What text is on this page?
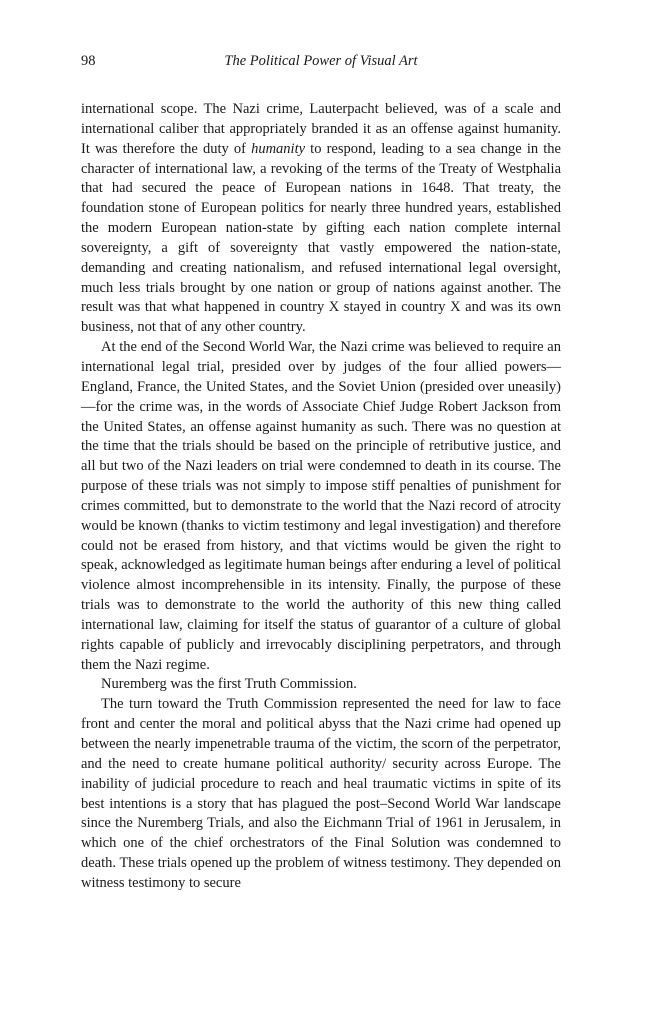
98	The Political Power of Visual Art

international scope. The Nazi crime, Lauterpacht believed, was of a scale and international caliber that appropriately branded it as an offense against humanity. It was therefore the duty of humanity to respond, leading to a sea change in the character of international law, a revoking of the terms of the Treaty of Westphalia that had secured the peace of European nations in 1648. That treaty, the foundation stone of European politics for nearly three hundred years, established the modern European nation-state by gifting each nation complete internal sovereignty, a gift of sovereignty that vastly empowered the nation-state, demanding and creating nationalism, and refused international legal oversight, much less trials brought by one nation or group of nations against another. The result was that what happened in country X stayed in country X and was its own business, not that of any other country.

At the end of the Second World War, the Nazi crime was believed to require an international legal trial, presided over by judges of the four allied powers—England, France, the United States, and the Soviet Union (presided over uneasily)—for the crime was, in the words of Associate Chief Judge Robert Jackson from the United States, an offense against humanity as such. There was no question at the time that the trials should be based on the principle of retributive justice, and all but two of the Nazi leaders on trial were condemned to death in its course. The purpose of these trials was not simply to impose stiff penalties of punishment for crimes committed, but to demonstrate to the world that the Nazi record of atrocity would be known (thanks to victim testimony and legal investigation) and therefore could not be erased from history, and that victims would be given the right to speak, acknowledged as legitimate human beings after enduring a level of political violence almost incomprehensible in its intensity. Finally, the purpose of these trials was to demonstrate to the world the authority of this new thing called international law, claiming for itself the status of guarantor of a culture of global rights capable of publicly and irrevocably disciplining perpetrators, and through them the Nazi regime.

Nuremberg was the first Truth Commission.

The turn toward the Truth Commission represented the need for law to face front and center the moral and political abyss that the Nazi crime had opened up between the nearly impenetrable trauma of the victim, the scorn of the perpetrator, and the need to create humane political authority/ security across Europe. The inability of judicial procedure to reach and heal traumatic victims in spite of its best intentions is a story that has plagued the post–Second World War landscape since the Nuremberg Trials, and also the Eichmann Trial of 1961 in Jerusalem, in which one of the chief orchestrators of the Final Solution was condemned to death. These trials opened up the problem of witness testimony. They depended on witness testimony to secure
